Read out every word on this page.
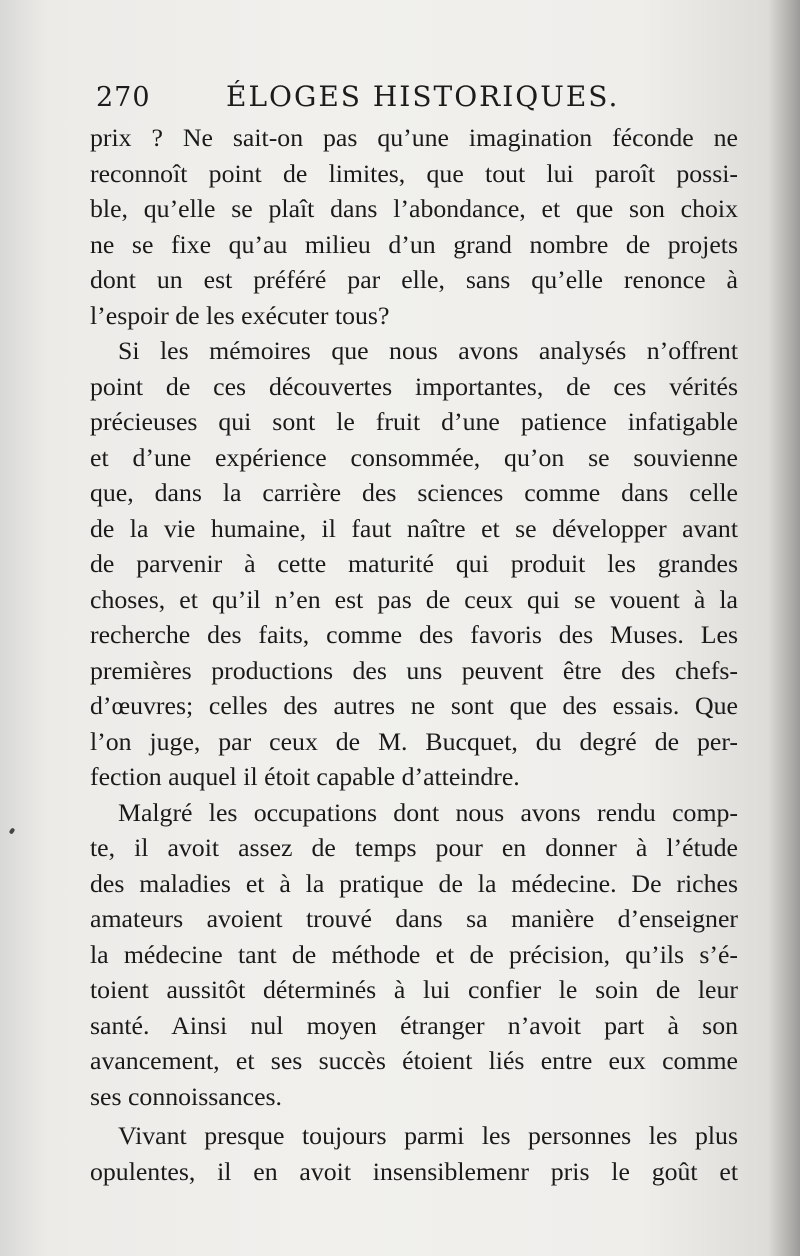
270	ÉLOGES HISTORIQUES.
prix ? Ne sait-on pas qu’une imagination féconde ne
reconnoît point de limites, que tout lui paroît possi-
ble, qu’elle se plaît dans l’abondance, et que son choix
ne se fixe qu’au milieu d’un grand nombre de projets
dont un est préféré par elle, sans qu’elle renonce à
l’espoir de les exécuter tous?
Si les mémoires que nous avons analysés n’offrent
point de ces découvertes importantes, de ces vérités
précieuses qui sont le fruit d’une patience infatigable
et d’une expérience consommée, qu’on se souvienne
que, dans la carrière des sciences comme dans celle
de la vie humaine, il faut naître et se développer avant
de parvenir à cette maturité qui produit les grandes
choses, et qu’il n’en est pas de ceux qui se vouent à la
recherche des faits, comme des favoris des Muses. Les
premières productions des uns peuvent être des chefs-
d’œuvres; celles des autres ne sont que des essais. Que
l’on juge, par ceux de M. Bucquet, du degré de per-
fection auquel il étoit capable d’atteindre.
Malgré les occupations dont nous avons rendu comp-
te, il avoit assez de temps pour en donner à l’étude
des maladies et à la pratique de la médecine. De riches
amateurs avoient trouvé dans sa manière d’enseigner
la médecine tant de méthode et de précision, qu’ils s’é-
toient aussitôt déterminés à lui confier le soin de leur
santé. Ainsi nul moyen étranger n’avoit part à son
avancement, et ses succès étoient liés entre eux comme
ses connoissances.
Vivant presque toujours parmi les personnes les plus
opulentes, il en avoit insensiblemenr pris le goût et
